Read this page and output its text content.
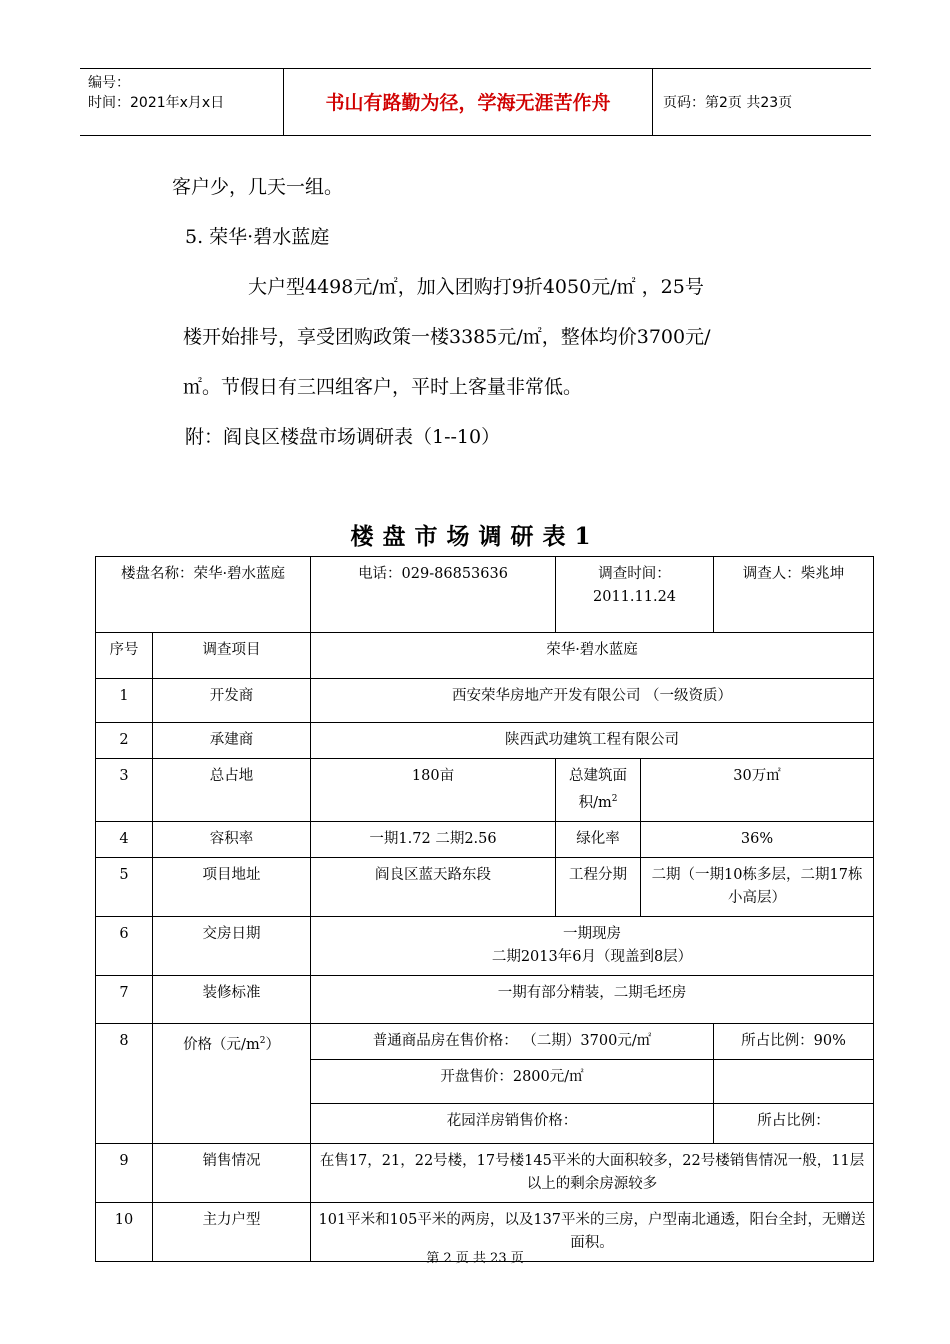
编号：
时间：2021年x月x日	书山有路勤为径，学海无涯苦作舟	页码：第2页 共23页
客户少，几天一组。
5. 荣华·碧水蓝庭
大户型4498元/㎡，加入团购打9折4050元/㎡ ，25号
楼开始排号，享受团购政策一楼3385元/㎡，整体均价3700元/
㎡。节假日有三四组客户，平时上客量非常低。
附：阎良区楼盘市场调研表（1--10）
楼盘市场调研表1
楼盘名称：荣华·碧水蓝庭		电话：029-86853636	调查时间：2011.11.24		调查人：柴兆坤
序号	调查项目	荣华·碧水蓝庭			
1	开发商	西安荣华房地产开发有限公司 （一级资质）			
2	承建商	陕西武功建筑工程有限公司			
3	总占地	180亩	总建筑面积$/m^2$	30万㎡	
4	容积率	一期1.72 二期2.56	绿化率	36%	
5	项目地址	阎良区蓝天路东段	工程分期	二期（一期10栋多层，二期17栋小高层）	
6	交房日期	一期现房
二期2013年6月（现盖到8层）			

7	装修标准	一期有部分精装，二期毛坯房			
8	价格（元$/m^2$）	普通商品房在售价格： （二期）3700元/㎡			所占比例：90%
		开盘售价：2800元/㎡			
		花园洋房销售价格：			所占比例：
9	销售情况	在售17，21，22号楼，17号楼145平米的大面积较多，22号楼销售情况一般，11层以上的剩余房源较多			
10	主力户型	101平米和105平米的两房，以及137平米的三房，户型南北通透，阳台全封，无赠送面积。			
第 2 页 共 23 页
